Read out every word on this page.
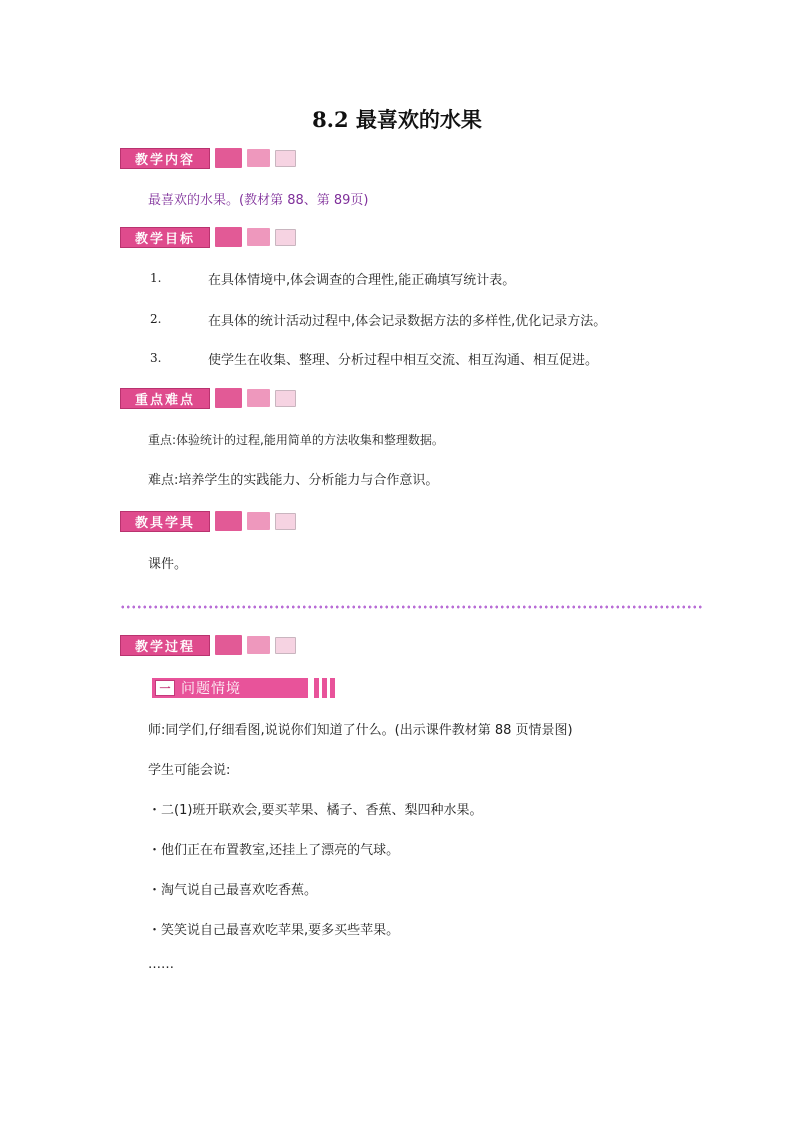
8.2 最喜欢的水果
教学内容
最喜欢的水果。(教材第 88、第 89页)
教学目标
1.	在具体情境中,体会调查的合理性,能正确填写统计表。
2.	在具体的统计活动过程中,体会记录数据方法的多样性,优化记录方法。
3.	使学生在收集、整理、分析过程中相互交流、相互沟通、相互促进。
重点难点
重点:体验统计的过程,能用简单的方法收集和整理数据。
难点:培养学生的实践能力、分析能力与合作意识。
教具学具
课件。
教学过程
一 问题情境
师:同学们,仔细看图,说说你们知道了什么。(出示课件教材第 88 页情景图)
学生可能会说:
・二(1)班开联欢会,要买苹果、橘子、香蕉、梨四种水果。
・他们正在布置教室,还挂上了漂亮的气球。
・淘气说自己最喜欢吃香蕉。
・笑笑说自己最喜欢吃苹果,要多买些苹果。
……
